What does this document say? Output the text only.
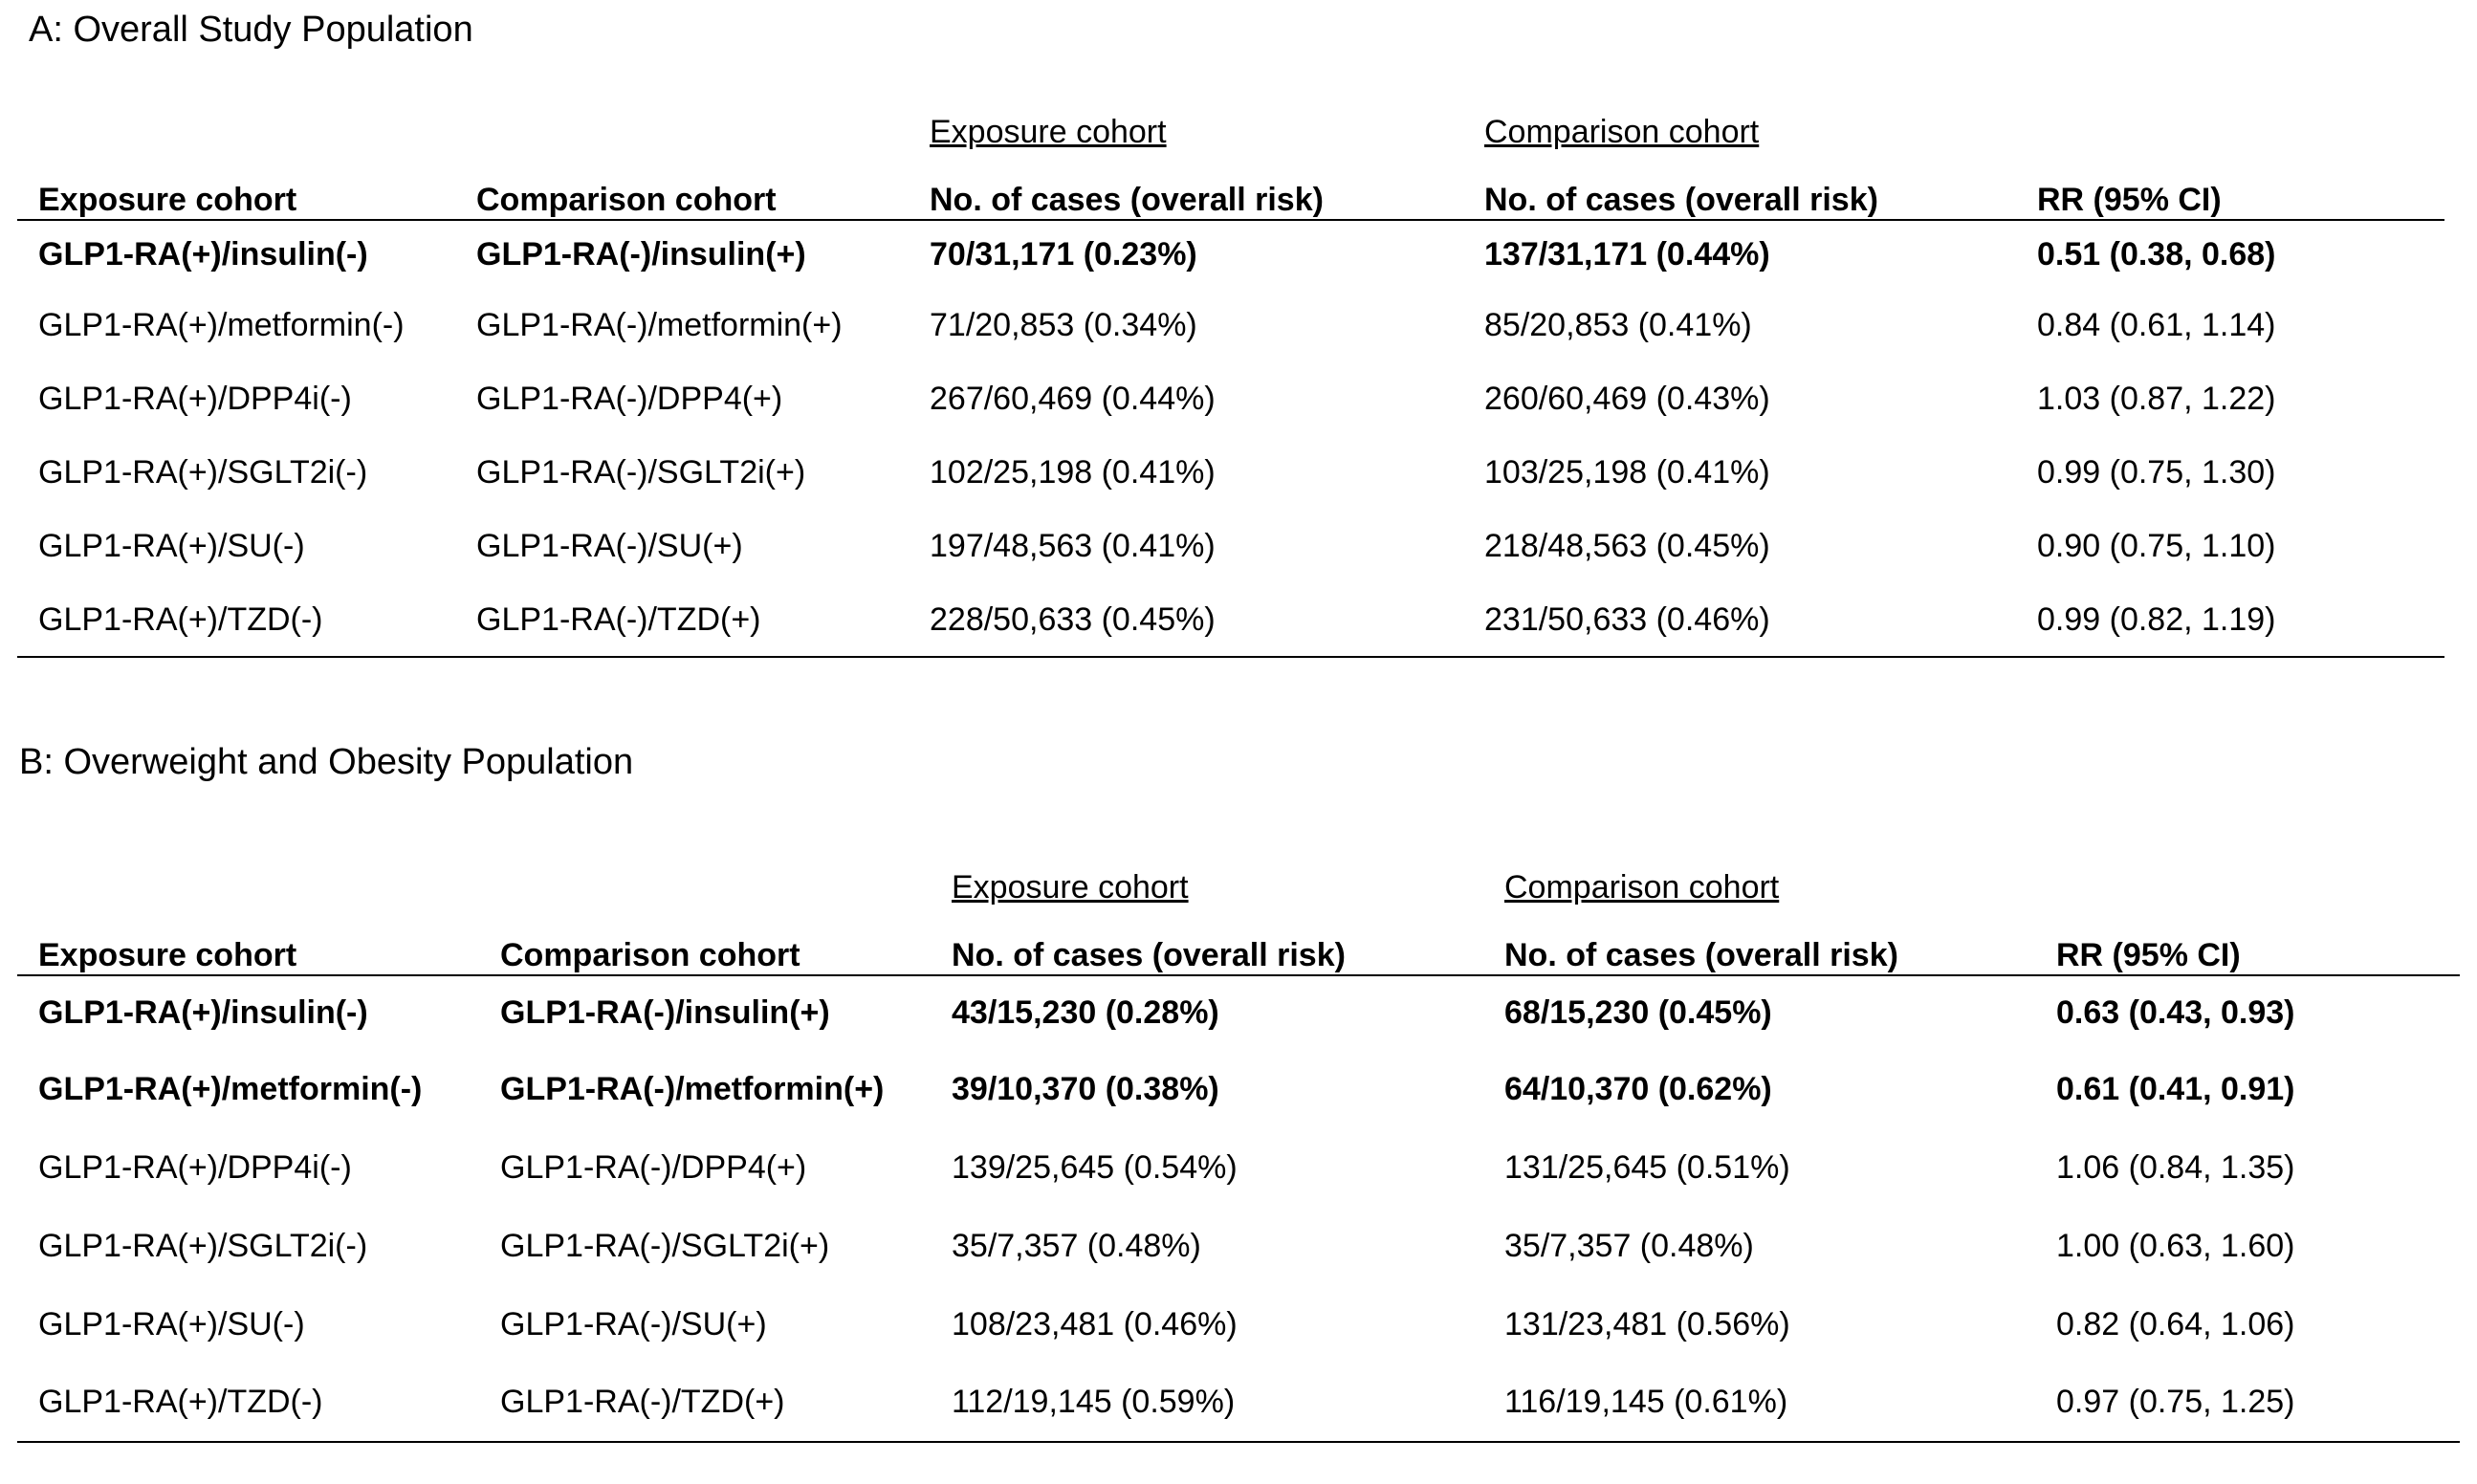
A: Overall Study Population
		Exposure cohort	Comparison cohort	
Exposure cohort	Comparison cohort	No. of cases (overall risk)	No. of cases (overall risk)	RR (95% CI)
GLP1-RA(+)/insulin(-)	GLP1-RA(-)/insulin(+)	70/31,171 (0.23%)	137/31,171 (0.44%)	0.51 (0.38, 0.68)
GLP1-RA(+)/metformin(-)	GLP1-RA(-)/metformin(+)	71/20,853 (0.34%)	85/20,853 (0.41%)	0.84 (0.61, 1.14)
GLP1-RA(+)/DPP4i(-)	GLP1-RA(-)/DPP4(+)	267/60,469 (0.44%)	260/60,469 (0.43%)	1.03 (0.87, 1.22)
GLP1-RA(+)/SGLT2i(-)	GLP1-RA(-)/SGLT2i(+)	102/25,198 (0.41%)	103/25,198 (0.41%)	0.99 (0.75, 1.30)
GLP1-RA(+)/SU(-)	GLP1-RA(-)/SU(+)	197/48,563 (0.41%)	218/48,563 (0.45%)	0.90 (0.75, 1.10)
GLP1-RA(+)/TZD(-)	GLP1-RA(-)/TZD(+)	228/50,633 (0.45%)	231/50,633 (0.46%)	0.99 (0.82, 1.19)
B: Overweight and Obesity Population
		Exposure cohort	Comparison cohort	
Exposure cohort	Comparison cohort	No. of cases (overall risk)	No. of cases (overall risk)	RR (95% CI)
GLP1-RA(+)/insulin(-)	GLP1-RA(-)/insulin(+)	43/15,230 (0.28%)	68/15,230 (0.45%)	0.63 (0.43, 0.93)
GLP1-RA(+)/metformin(-)	GLP1-RA(-)/metformin(+)	39/10,370 (0.38%)	64/10,370 (0.62%)	0.61 (0.41, 0.91)
GLP1-RA(+)/DPP4i(-)	GLP1-RA(-)/DPP4(+)	139/25,645 (0.54%)	131/25,645 (0.51%)	1.06 (0.84, 1.35)
GLP1-RA(+)/SGLT2i(-)	GLP1-RA(-)/SGLT2i(+)	35/7,357 (0.48%)	35/7,357 (0.48%)	1.00 (0.63, 1.60)
GLP1-RA(+)/SU(-)	GLP1-RA(-)/SU(+)	108/23,481 (0.46%)	131/23,481 (0.56%)	0.82 (0.64, 1.06)
GLP1-RA(+)/TZD(-)	GLP1-RA(-)/TZD(+)	112/19,145 (0.59%)	116/19,145 (0.61%)	0.97 (0.75, 1.25)
